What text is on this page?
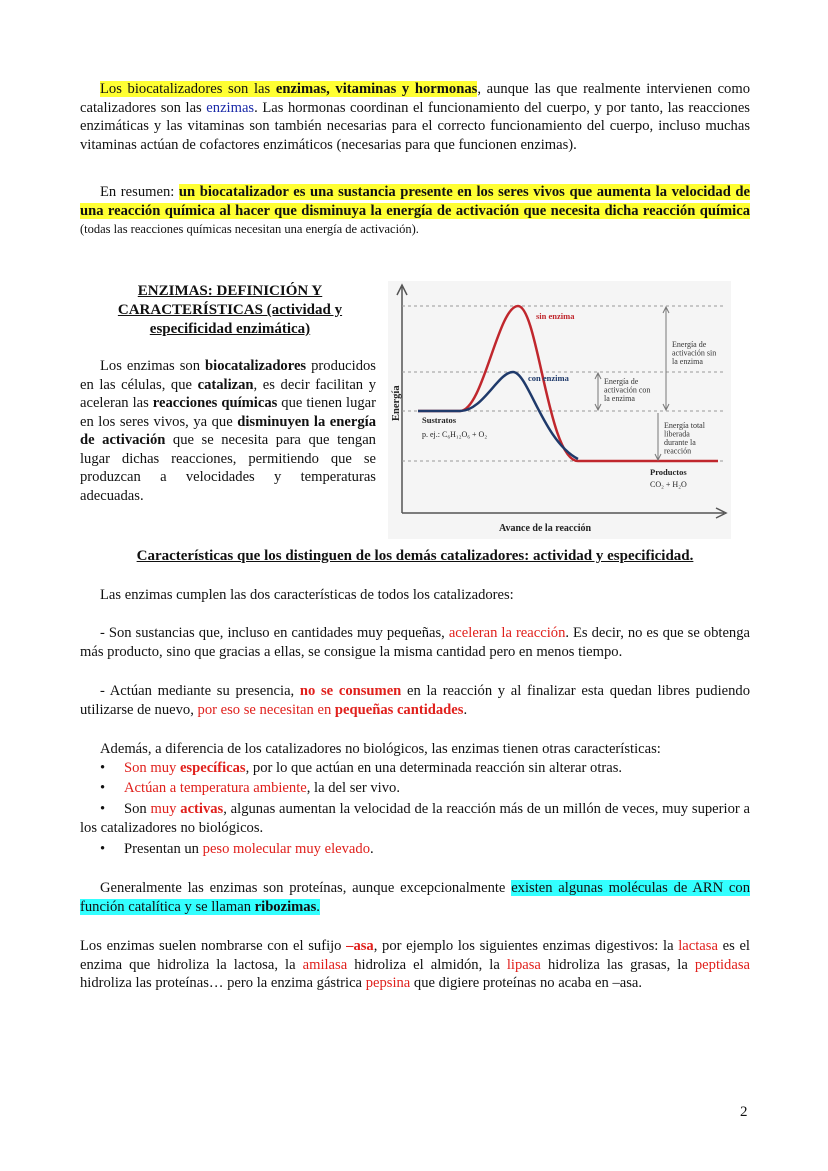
Los biocatalizadores son las enzimas, vitaminas y hormonas, aunque las que realmente intervienen como catalizadores son las enzimas. Las hormonas coordinan el funcionamiento del cuerpo, y por tanto, las reacciones enzimáticas y las vitaminas son también necesarias para el correcto funcionamiento del cuerpo, incluso muchas vitaminas actúan de cofactores enzimáticos (necesarias para que funcionen enzimas).

En resumen: un biocatalizador es una sustancia presente en los seres vivos que aumenta la velocidad de una reacción química al hacer que disminuya la energía de activación que necesita dicha reacción química (todas las reacciones químicas necesitan una energía de activación).

ENZIMAS: DEFINICIÓN Y
CARACTERÍSTICAS (actividad y
especificidad enzimática)

Los enzimas son biocatalizadores producidos en las células, que catalizan, es decir facilitan y aceleran las reacciones químicas que tienen lugar en los seres vivos, ya que disminuyen la energía de activación que se necesita para que tengan lugar dichas reacciones, permitiendo que se produzcan a velocidades y temperaturas adecuadas.

sin enzima
con enzima
Energía de activación sin la enzima
Energía de activación con la enzima
Energía total liberada durante la reacción
Sustratos
p. ej.: C₆H₁₂O₆ + O₂
Productos
CO₂ + H₂O
Avance de la reacción
Energía
Características que los distinguen de los demás catalizadores: actividad y especificidad.

Las enzimas cumplen las dos características de todos los catalizadores:

- Son sustancias que, incluso en cantidades muy pequeñas, aceleran la reacción. Es decir, no es que se obtenga más producto, sino que gracias a ellas, se consigue la misma cantidad pero en menos tiempo.

- Actúan mediante su presencia, no se consumen en la reacción y al finalizar esta quedan libres pudiendo utilizarse de nuevo, por eso se necesitan en pequeñas cantidades.

Además, a diferencia de los catalizadores no biológicos, las enzimas tienen otras características:

• Son muy específicas, por lo que actúan en una determinada reacción sin alterar otras.

• Actúan a temperatura ambiente, la del ser vivo.

• Son muy activas, algunas aumentan la velocidad de la reacción más de un millón de veces, muy superior a los catalizadores no biológicos.

• Presentan un peso molecular muy elevado.

Generalmente las enzimas son proteínas, aunque excepcionalmente existen algunas moléculas de ARN con función catalítica y se llaman ribozimas.

Los enzimas suelen nombrarse con el sufijo –asa, por ejemplo los siguientes enzimas digestivos: la lactasa es el enzima que hidroliza la lactosa, la amilasa hidroliza el almidón, la lipasa hidroliza las grasas, la peptidasa hidroliza las proteínas… pero la enzima gástrica pepsina que digiere proteínas no acaba en –asa.

2
